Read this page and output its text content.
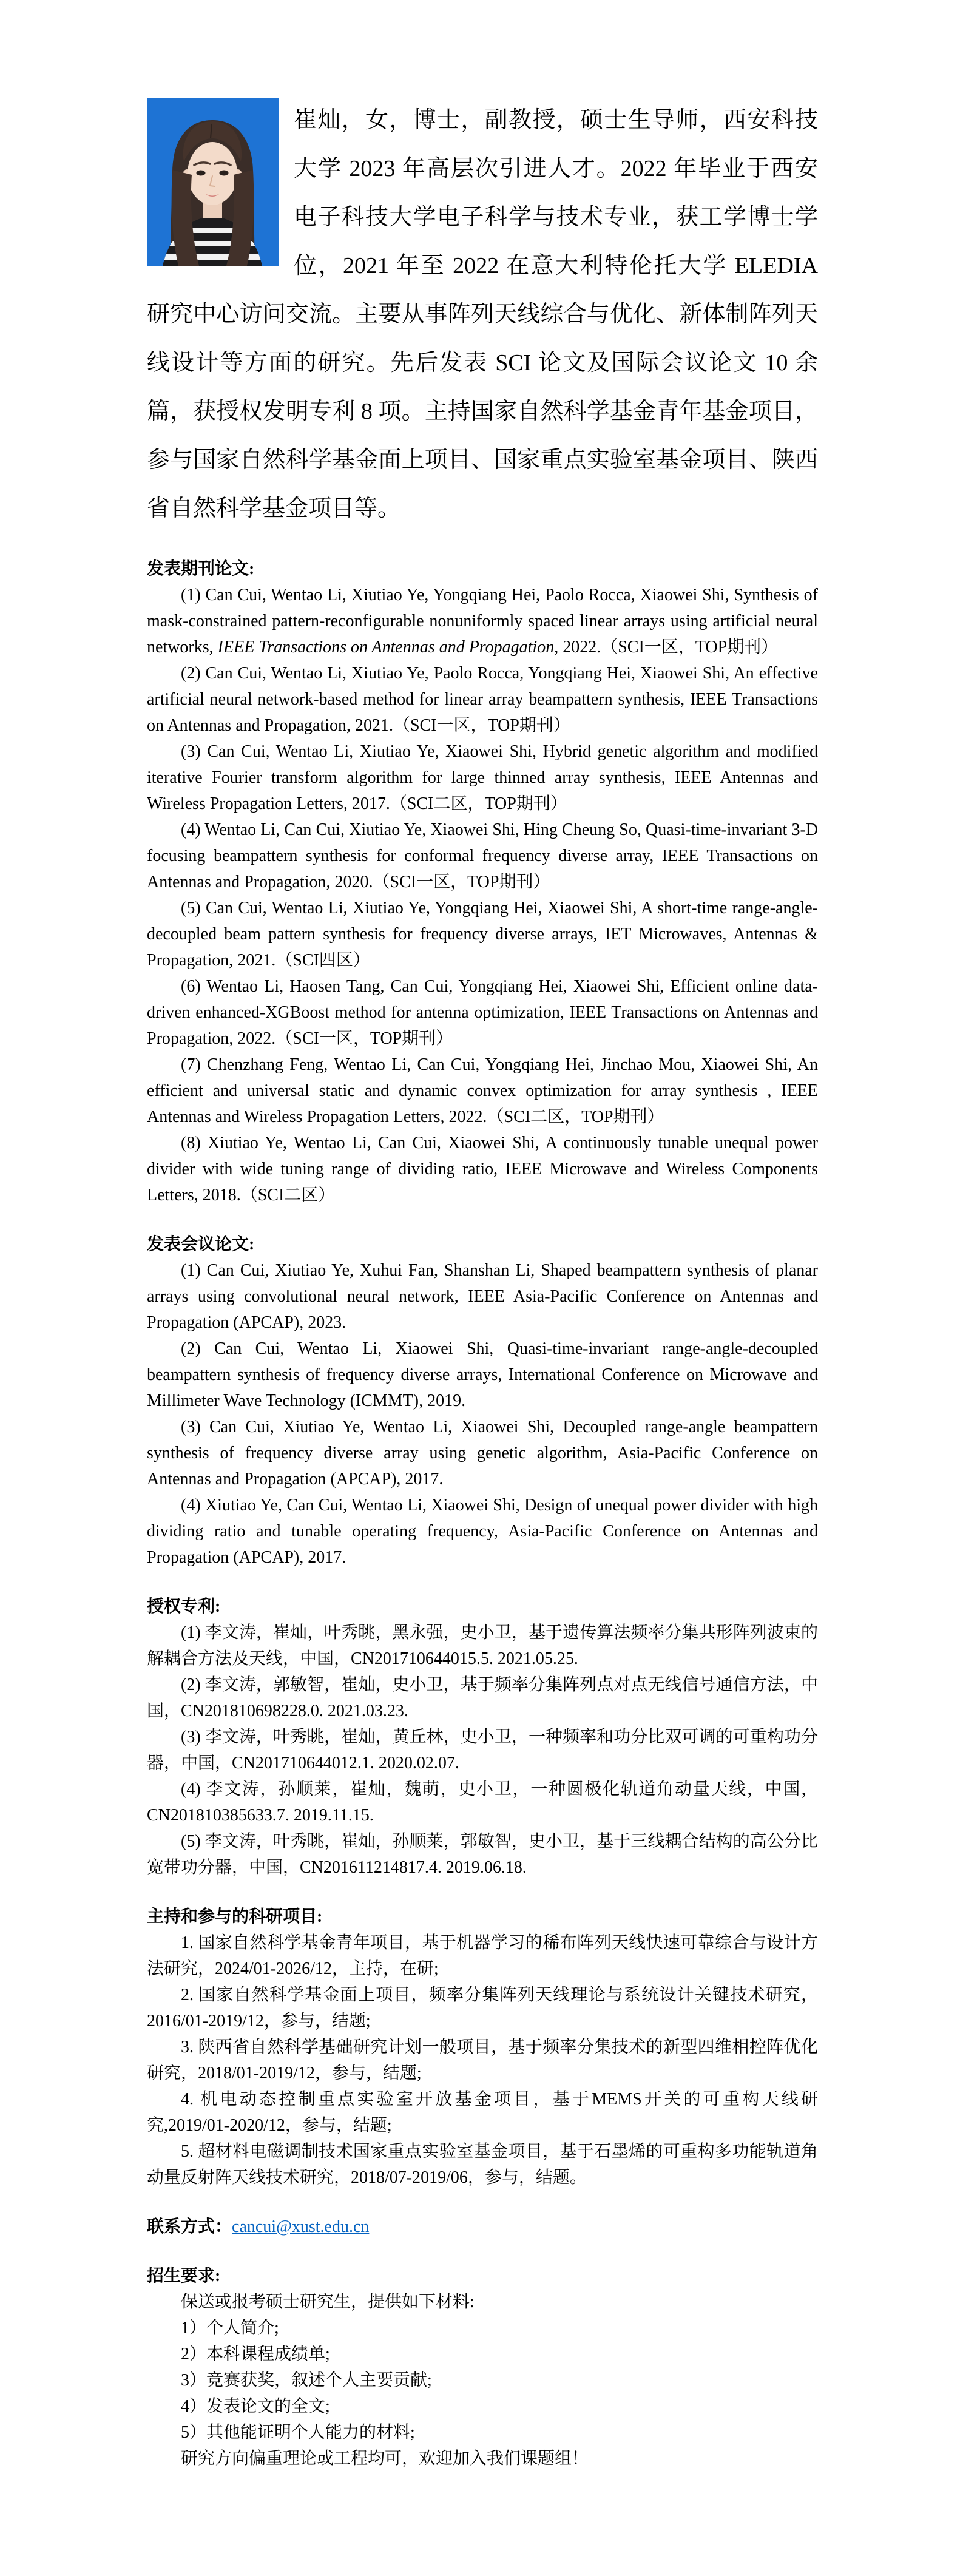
崔灿，女，博士，副教授，硕士生导师，西安科技大学 2023 年高层次引进人才。2022 年毕业于西安电子科技大学电子科学与技术专业，获工学博士学位，2021 年至 2022 在意大利特伦托大学 ELEDIA 研究中心访问交流。主要从事阵列天线综合与优化、新体制阵列天线设计等方面的研究。先后发表 SCI 论文及国际会议论文 10 余篇，获授权发明专利 8 项。主持国家自然科学基金青年基金项目，参与国家自然科学基金面上项目、国家重点实验室基金项目、陕西省自然科学基金项目等。

发表期刊论文:

(1) Can Cui, Wentao Li, Xiutiao Ye, Yongqiang Hei, Paolo Rocca, Xiaowei Shi, Synthesis of mask-constrained pattern-reconfigurable nonuniformly spaced linear arrays using artificial neural networks, IEEE Transactions on Antennas and Propagation, 2022.（SCI一区，TOP期刊）

(2) Can Cui, Wentao Li, Xiutiao Ye, Paolo Rocca, Yongqiang Hei, Xiaowei Shi, An effective artificial neural network-based method for linear array beampattern synthesis, IEEE Transactions on Antennas and Propagation, 2021.（SCI一区，TOP期刊）

(3) Can Cui, Wentao Li, Xiutiao Ye, Xiaowei Shi, Hybrid genetic algorithm and modified iterative Fourier transform algorithm for large thinned array synthesis, IEEE Antennas and Wireless Propagation Letters, 2017.（SCI二区，TOP期刊）

(4) Wentao Li, Can Cui, Xiutiao Ye, Xiaowei Shi, Hing Cheung So, Quasi-time-invariant 3-D focusing beampattern synthesis for conformal frequency diverse array, IEEE Transactions on Antennas and Propagation, 2020.（SCI一区，TOP期刊）

(5) Can Cui, Wentao Li, Xiutiao Ye, Yongqiang Hei, Xiaowei Shi, A short-time range-angle-decoupled beam pattern synthesis for frequency diverse arrays, IET Microwaves, Antennas & Propagation, 2021.（SCI四区）

(6) Wentao Li, Haosen Tang, Can Cui, Yongqiang Hei, Xiaowei Shi, Efficient online data-driven enhanced-XGBoost method for antenna optimization, IEEE Transactions on Antennas and Propagation, 2022.（SCI一区，TOP期刊）

(7) Chenzhang Feng, Wentao Li, Can Cui, Yongqiang Hei, Jinchao Mou, Xiaowei Shi, An efficient and universal static and dynamic convex optimization for array synthesis , IEEE Antennas and Wireless Propagation Letters, 2022.（SCI二区，TOP期刊）

(8) Xiutiao Ye, Wentao Li, Can Cui, Xiaowei Shi, A continuously tunable unequal power divider with wide tuning range of dividing ratio, IEEE Microwave and Wireless Components Letters, 2018.（SCI二区）

发表会议论文:

(1) Can Cui, Xiutiao Ye, Xuhui Fan, Shanshan Li, Shaped beampattern synthesis of planar arrays using convolutional neural network, IEEE Asia-Pacific Conference on Antennas and Propagation (APCAP), 2023.

(2) Can Cui, Wentao Li, Xiaowei Shi, Quasi-time-invariant range-angle-decoupled beampattern synthesis of frequency diverse arrays, International Conference on Microwave and Millimeter Wave Technology (ICMMT), 2019.

(3) Can Cui, Xiutiao Ye, Wentao Li, Xiaowei Shi, Decoupled range-angle beampattern synthesis of frequency diverse array using genetic algorithm, Asia-Pacific Conference on Antennas and Propagation (APCAP), 2017.

(4) Xiutiao Ye, Can Cui, Wentao Li, Xiaowei Shi, Design of unequal power divider with high dividing ratio and tunable operating frequency, Asia-Pacific Conference on Antennas and Propagation (APCAP), 2017.

授权专利:

(1) 李文涛，崔灿，叶秀眺，黑永强，史小卫，基于遗传算法频率分集共形阵列波束的解耦合方法及天线，中国，CN201710644015.5. 2021.05.25.

(2) 李文涛，郭敏智，崔灿，史小卫，基于频率分集阵列点对点无线信号通信方法，中国，CN201810698228.0. 2021.03.23.

(3) 李文涛，叶秀眺，崔灿，黄丘林，史小卫，一种频率和功分比双可调的可重构功分器，中国，CN201710644012.1. 2020.02.07.

(4) 李文涛，孙顺莱，崔灿，魏萌，史小卫，一种圆极化轨道角动量天线，中国，CN201810385633.7. 2019.11.15.

(5) 李文涛，叶秀眺，崔灿，孙顺莱，郭敏智，史小卫，基于三线耦合结构的高公分比宽带功分器，中国，CN201611214817.4. 2019.06.18.

主持和参与的科研项目:

1. 国家自然科学基金青年项目，基于机器学习的稀布阵列天线快速可靠综合与设计方法研究，2024/01-2026/12，主持，在研;

2. 国家自然科学基金面上项目，频率分集阵列天线理论与系统设计关键技术研究，2016/01-2019/12，参与，结题;

3. 陕西省自然科学基础研究计划一般项目，基于频率分集技术的新型四维相控阵优化研究，2018/01-2019/12，参与，结题;

4. 机电动态控制重点实验室开放基金项目，基于MEMS开关的可重构天线研究,2019/01-2020/12，参与，结题;

5. 超材料电磁调制技术国家重点实验室基金项目，基于石墨烯的可重构多功能轨道角动量反射阵天线技术研究，2018/07-2019/06，参与，结题。

联系方式：cancui@xust.edu.cn

招生要求:

保送或报考硕士研究生，提供如下材料:

1）个人简介;

2）本科课程成绩单;

3）竞赛获奖，叙述个人主要贡献;

4）发表论文的全文;

5）其他能证明个人能力的材料;

研究方向偏重理论或工程均可，欢迎加入我们课题组！
